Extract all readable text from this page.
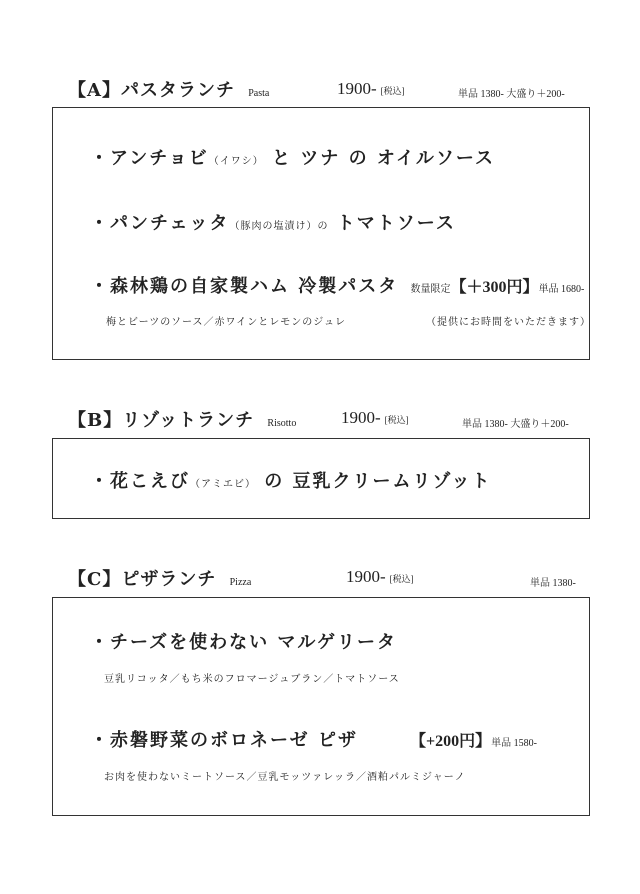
【A】パスタランチ Pasta	1900- [税込]	単品 1380- 大盛り＋200-
・アンチョビ（イワシ） と ツナ の オイルソース
・パンチェッタ（豚肉の塩漬け）の トマトソース
・森林鶏の自家製ハム 冷製パスタ 数量限定【＋300円】単品 1680-
梅とビーツのソース／赤ワインとレモンのジュレ	（提供にお時間をいただきます）
【B】リゾットランチ Risotto	1900- [税込]	単品 1380- 大盛り＋200-
・花こえび（アミエビ） の 豆乳クリームリゾット
【C】ピザランチ Pizza	1900- [税込]	単品 1380-
・チーズを使わない マルゲリータ
豆乳リコッタ／もち米のフロマージュブラン／トマトソース
・赤磐野菜のボロネーゼ ピザ	【+200円】単品 1580-
お肉を使わないミートソース／豆乳モッツァレッラ／酒粕パルミジャーノ
